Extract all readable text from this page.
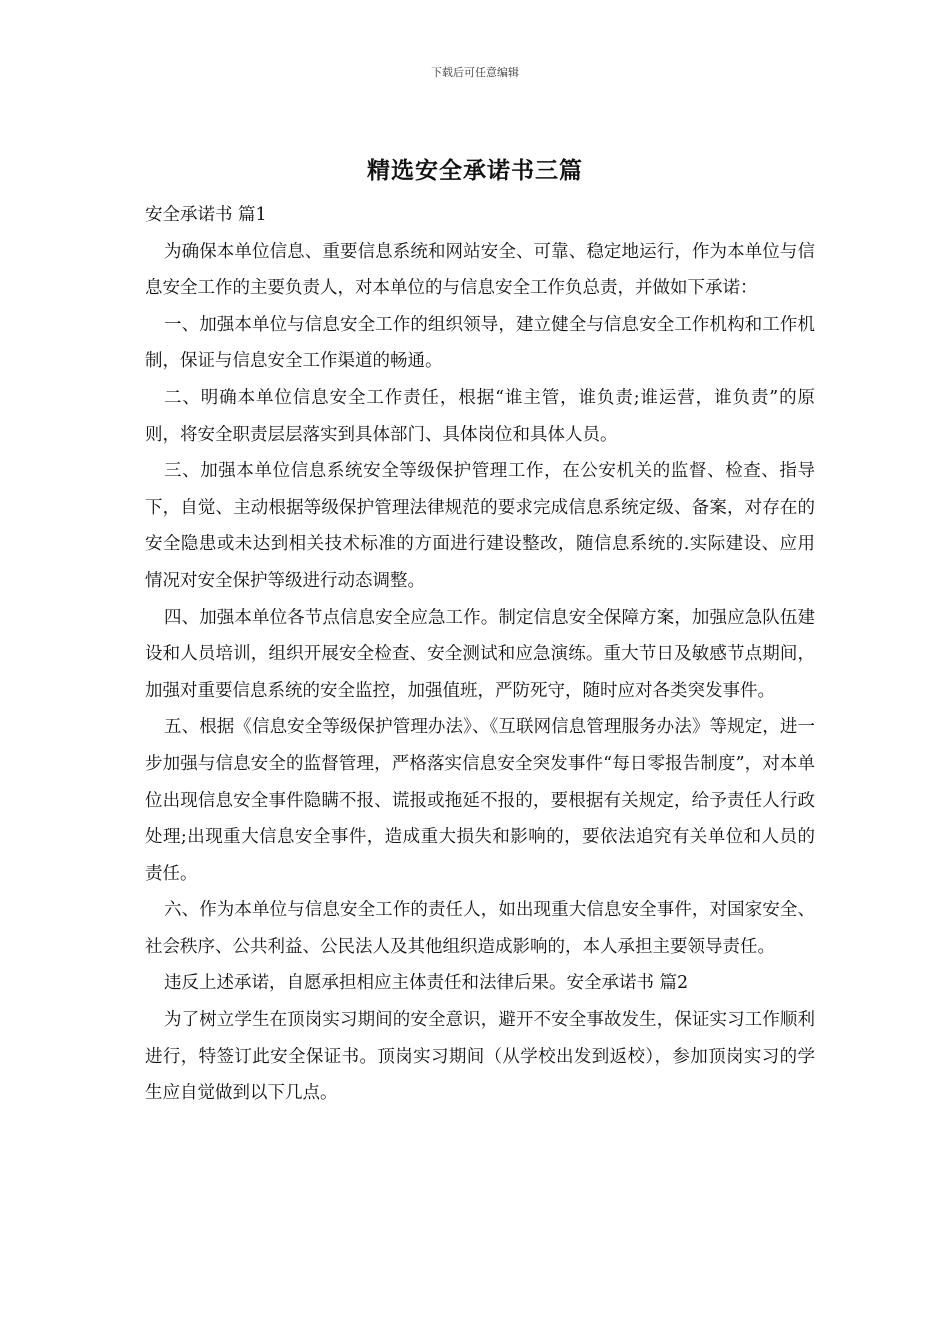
下载后可任意编辑
精选安全承诺书三篇

安全承诺书 篇1

为确保本单位信息、重要信息系统和网站安全、可靠、稳定地运行，作为本单位与信息安全工作的主要负责人，对本单位的与信息安全工作负总责，并做如下承诺：

一、加强本单位与信息安全工作的组织领导，建立健全与信息安全工作机构和工作机制，保证与信息安全工作渠道的畅通。

二、明确本单位信息安全工作责任，根据“谁主管，谁负责;谁运营，谁负责”的原则，将安全职责层层落实到具体部门、具体岗位和具体人员。

三、加强本单位信息系统安全等级保护管理工作，在公安机关的监督、检查、指导下，自觉、主动根据等级保护管理法律规范的要求完成信息系统定级、备案，对存在的安全隐患或未达到相关技术标准的方面进行建设整改，随信息系统的.实际建设、应用情况对安全保护等级进行动态调整。

四、加强本单位各节点信息安全应急工作。制定信息安全保障方案，加强应急队伍建设和人员培训，组织开展安全检查、安全测试和应急演练。重大节日及敏感节点期间，加强对重要信息系统的安全监控，加强值班，严防死守，随时应对各类突发事件。

五、根据《信息安全等级保护管理办法》、《互联网信息管理服务办法》等规定，进一步加强与信息安全的监督管理，严格落实信息安全突发事件“每日零报告制度”，对本单位出现信息安全事件隐瞒不报、谎报或拖延不报的，要根据有关规定，给予责任人行政处理;出现重大信息安全事件，造成重大损失和影响的，要依法追究有关单位和人员的责任。

六、作为本单位与信息安全工作的责任人，如出现重大信息安全事件，对国家安全、社会秩序、公共利益、公民法人及其他组织造成影响的，本人承担主要领导责任。

违反上述承诺，自愿承担相应主体责任和法律后果。安全承诺书 篇2

为了树立学生在顶岗实习期间的安全意识，避开不安全事故发生，保证实习工作顺利进行，特签订此安全保证书。顶岗实习期间（从学校出发到返校），参加顶岗实习的学生应自觉做到以下几点。
